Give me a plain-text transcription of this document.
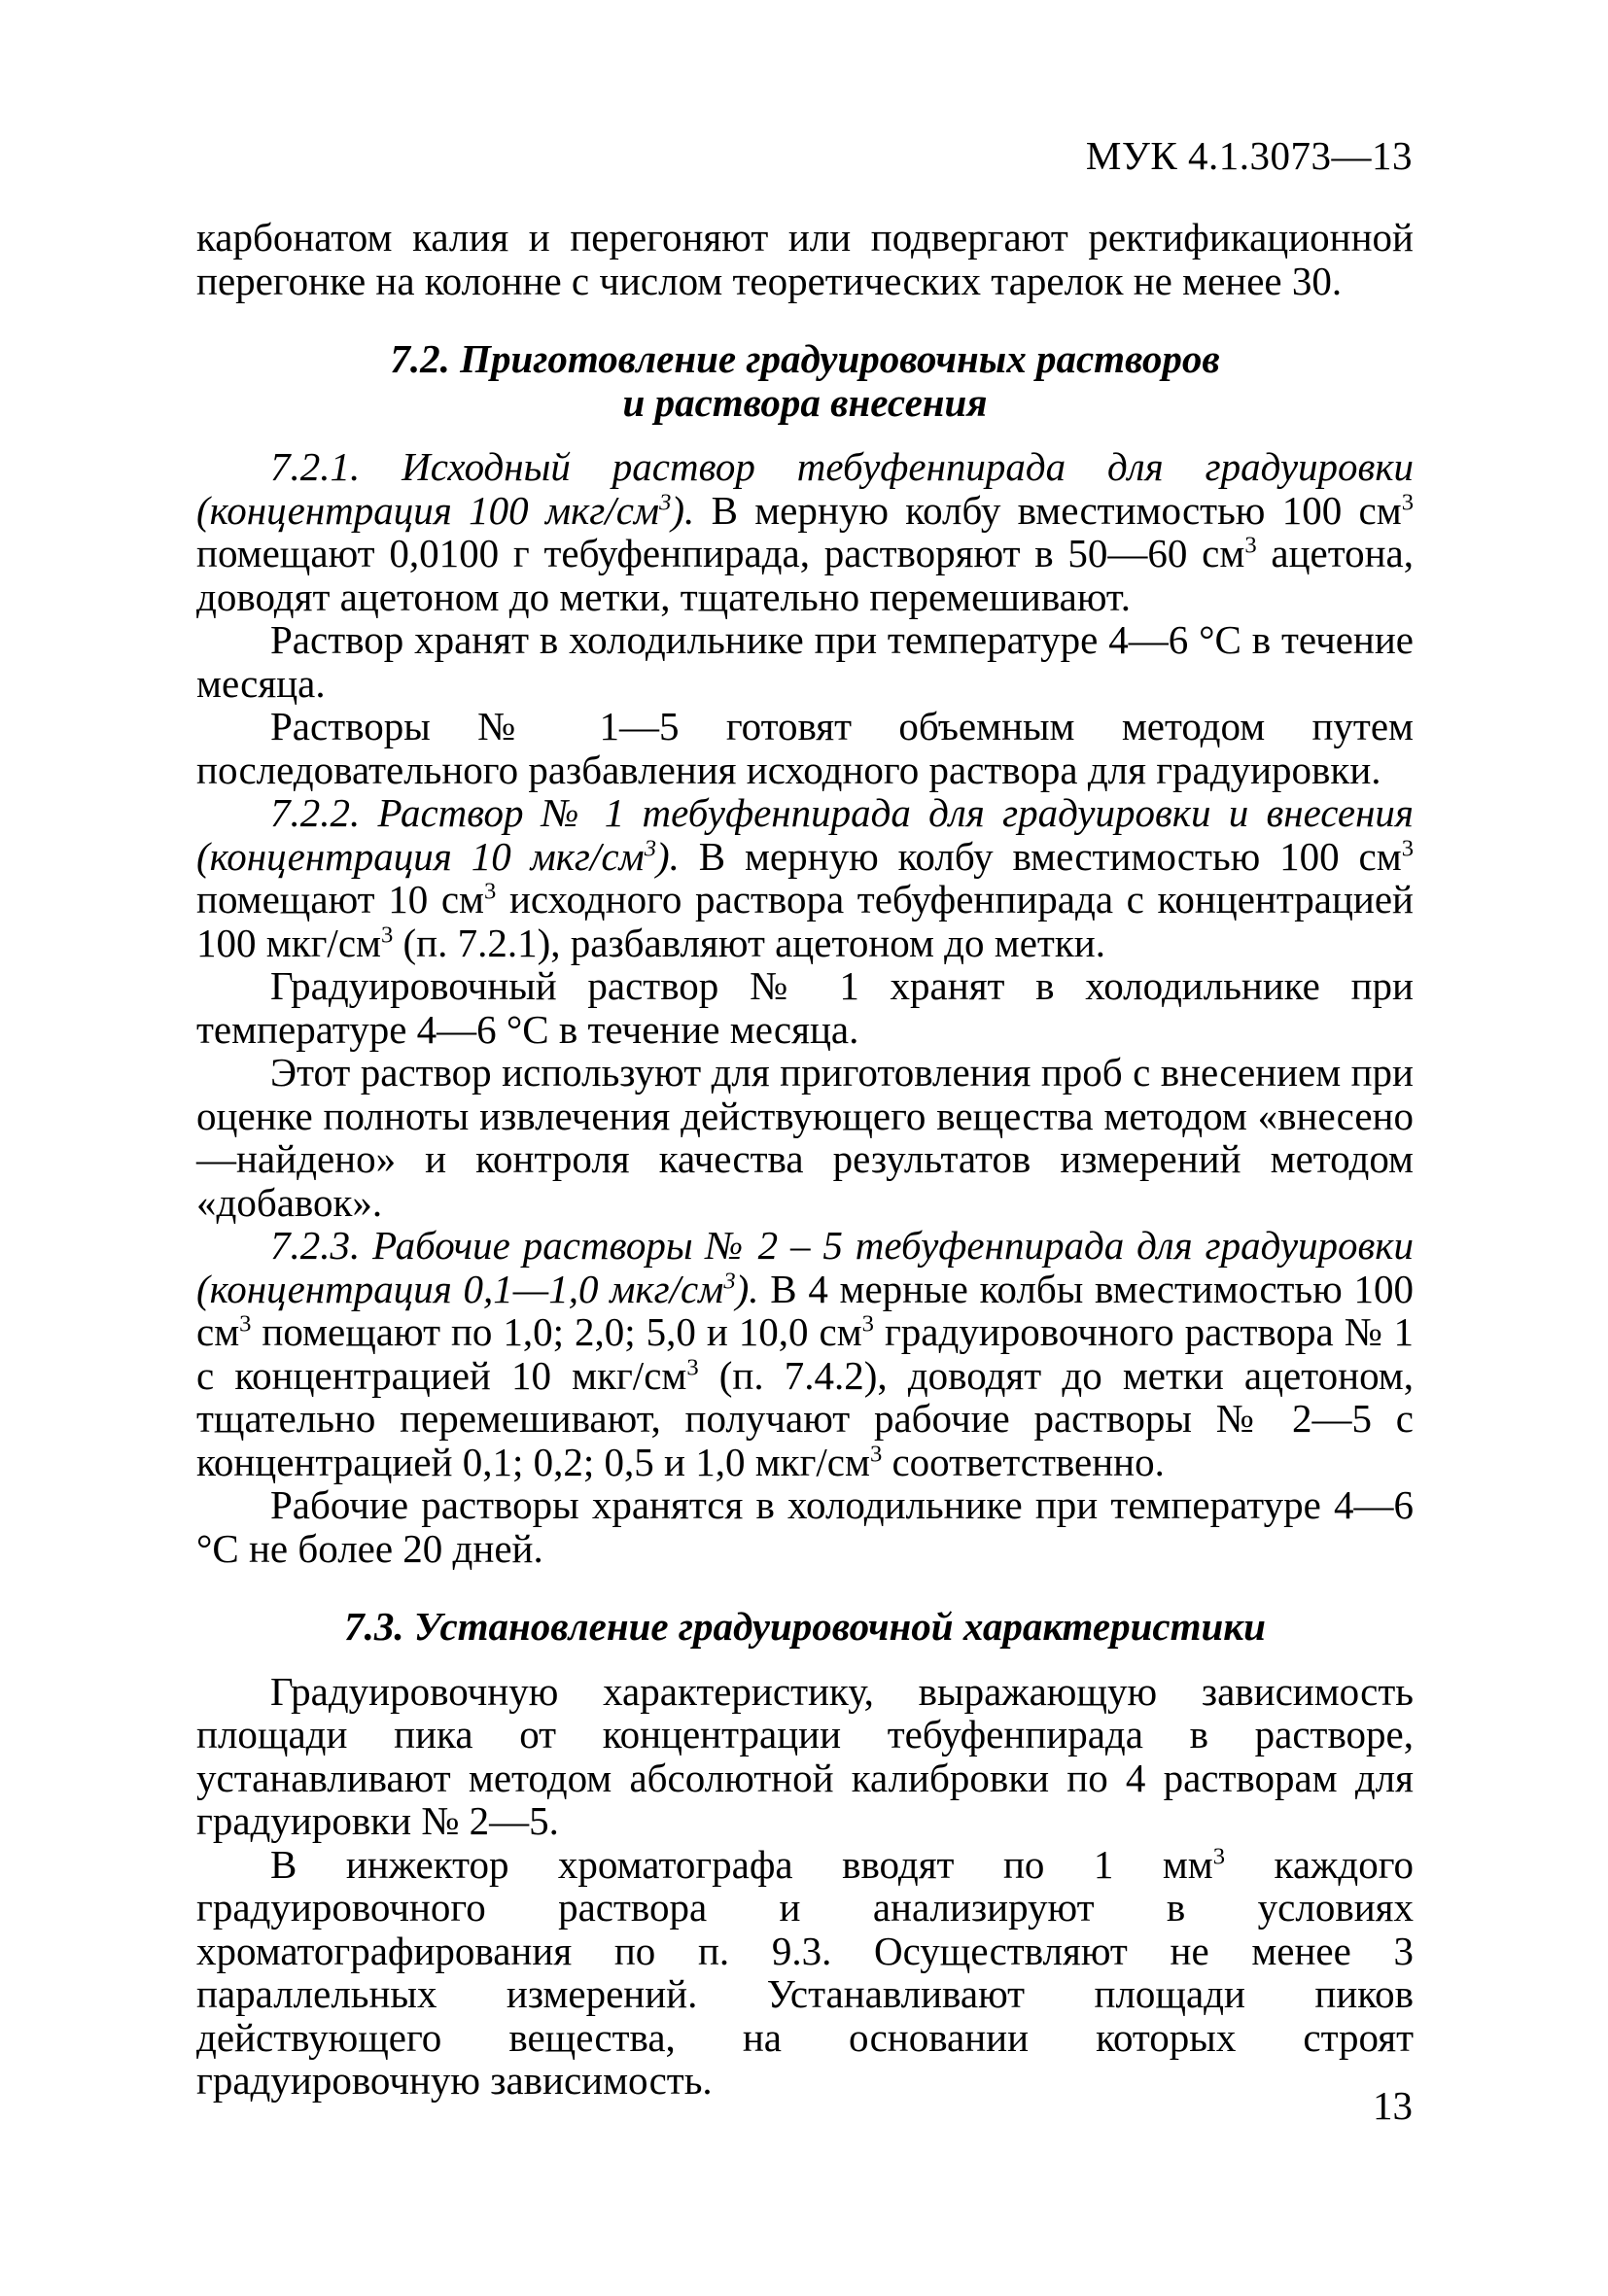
МУК 4.1.3073—13

карбонатом калия и перегоняют или подвергают ректификационной перегонке на колонне с числом теоретических тарелок не менее 30.

7.2. Приготовление градуировочных растворов
и раствора внесения

7.2.1. Исходный раствор тебуфенпирада для градуировки (концентрация 100 мкг/$см^3$). В мерную колбу вместимостью 100 $см^3$ помещают 0,0100 г тебуфенпирада, растворяют в 50—60 $см^3$ ацетона, доводят ацетоном до метки, тщательно перемешивают.

Раствор хранят в холодильнике при температуре 4—6 °С в течение месяца.

Растворы № 1—5 готовят объемным методом путем последовательного разбавления исходного раствора для градуировки.

7.2.2. Раствор № 1 тебуфенпирада для градуировки и внесения (концентрация 10 мкг/$см^3$). В мерную колбу вместимостью 100 $см^3$ помещают 10 $см^3$ исходного раствора тебуфенпирада с концентрацией 100 мкг/$см^3$ (п. 7.2.1), разбавляют ацетоном до метки.

Градуировочный раствор № 1 хранят в холодильнике при температуре 4—6 °С в течение месяца.

Этот раствор используют для приготовления проб с внесением при оценке полноты извлечения действующего вещества методом «внесено—найдено» и контроля качества результатов измерений методом «добавок».

7.2.3. Рабочие растворы № 2 – 5 тебуфенпирада для градуировки (концентрация 0,1—1,0 мкг/$см^3$). В 4 мерные колбы вместимостью 100 $см^3$ помещают по 1,0; 2,0; 5,0 и 10,0 $см^3$ градуировочного раствора № 1 с концентрацией 10 мкг/$см^3$ (п. 7.4.2), доводят до метки ацетоном, тщательно перемешивают, получают рабочие растворы № 2—5 с концентрацией 0,1; 0,2; 0,5 и 1,0 мкг/$см^3$ соответственно.

Рабочие растворы хранятся в холодильнике при температуре 4—6 °С не более 20 дней.

7.3. Установление градуировочной характеристики

Градуировочную характеристику, выражающую зависимость площади пика от концентрации тебуфенпирада в растворе, устанавливают методом абсолютной калибровки по 4 растворам для градуировки № 2—5.

В инжектор хроматографа вводят по 1 $мм^3$ каждого градуировочного раствора и анализируют в условиях хроматографирования по п. 9.3. Осуществляют не менее 3 параллельных измерений. Устанавливают площади пиков действующего вещества, на основании которых строят градуировочную зависимость.

13
